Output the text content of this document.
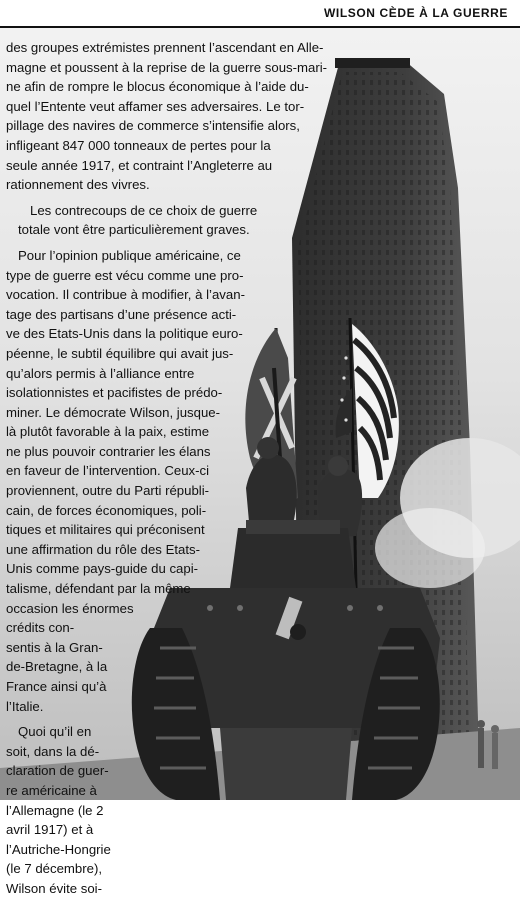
WILSON CÈDE À LA GUERRE

des groupes extrémistes prennent l’ascendant en Alle-
magne et poussent à la reprise de la guerre sous-mari-
ne afin de rompre le blocus économique à l’aide du-
quel l’Entente veut affamer ses adversaires. Le tor-
pillage des navires de commerce s’intensifie alors,
infligeant 847 000 tonneaux de pertes pour la
seule année 1917, et contraint l’Angleterre au
rationnement des vivres.

Les contrecoups de ce choix de guerre
totale vont être particulièrement graves.

Pour l’opinion publique américaine, ce
type de guerre est vécu comme une pro-
vocation. Il contribue à modifier, à l’avan-
tage des partisans d’une présence acti-
ve des Etats-Unis dans la politique euro-
péenne, le subtil équilibre qui avait jus-
qu’alors permis à l’alliance entre
isolationnistes et pacifistes de prédo-
miner. Le démocrate Wilson, jusque-
là plutôt favorable à la paix, estime
ne plus pouvoir contrarier les élans
en faveur de l’intervention. Ceux-ci
proviennent, outre du Parti républi-
cain, de forces économiques, poli-
tiques et militaires qui préconisent
une affirmation du rôle des Etats-
Unis comme pays-guide du capi-
talisme, défendant par la même
occasion les énormes
crédits con-
sentis à la Gran-
de-Bretagne, à la
France ainsi qu’à
l’Italie.

Quoi qu’il en
soit, dans la dé-
claration de guer-
re américaine à
l’Allemagne (le 2
avril 1917) et à
l’Autriche-Hongrie
(le 7 décembre),
Wilson évite soi-
